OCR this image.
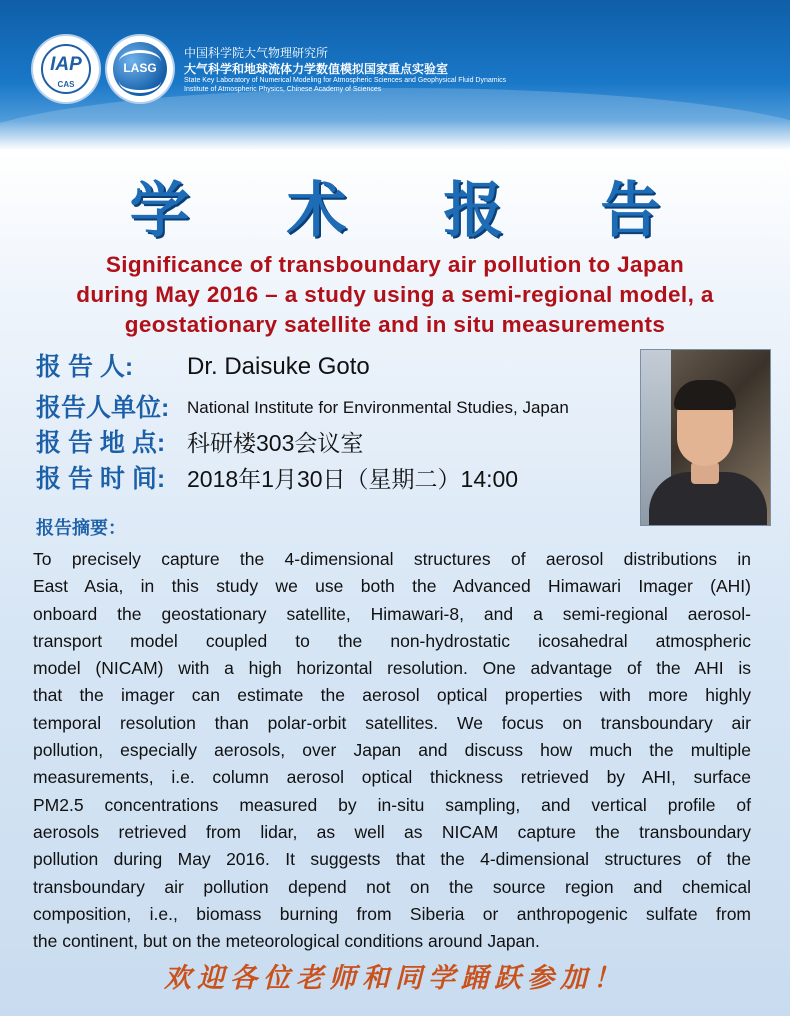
IAP
CAS
LASG
中国科学院大气物理研究所
大气科学和地球流体力学数值模拟国家重点实验室
State Key Laboratory of Numerical Modeling for Atmospheric Sciences and Geophysical Fluid Dynamics
Institute of Atmospheric Physics, Chinese Academy of Sciences
学 术 报 告
Significance of transboundary air pollution to Japan
during May 2016 – a study using a semi-regional model, a
geostationary satellite and in situ measurements
报 告 人: Dr. Daisuke Goto
报告人单位: National Institute for Environmental Studies, Japan
报 告 地 点: 科研楼303会议室
报 告 时 间: 2018年1月30日（星期二）14:00
报告摘要：
To precisely capture the 4-dimensional structures of aerosol distributions in
East Asia, in this study we use both the Advanced Himawari Imager (AHI)
onboard the geostationary satellite, Himawari-8, and a semi-regional aerosol-
transport model coupled to the non-hydrostatic icosahedral atmospheric
model (NICAM) with a high horizontal resolution. One advantage of the AHI is
that the imager can estimate the aerosol optical properties with more highly
temporal resolution than polar-orbit satellites. We focus on transboundary air
pollution, especially aerosols, over Japan and discuss how much the multiple
measurements, i.e. column aerosol optical thickness retrieved by AHI, surface
PM2.5 concentrations measured by in-situ sampling, and vertical profile of
aerosols retrieved from lidar, as well as NICAM capture the transboundary
pollution during May 2016. It suggests that the 4-dimensional structures of the
transboundary air pollution depend not on the source region and chemical
composition, i.e., biomass burning from Siberia or anthropogenic sulfate from
the continent, but on the meteorological conditions around Japan.
欢迎各位老师和同学踊跃参加！
